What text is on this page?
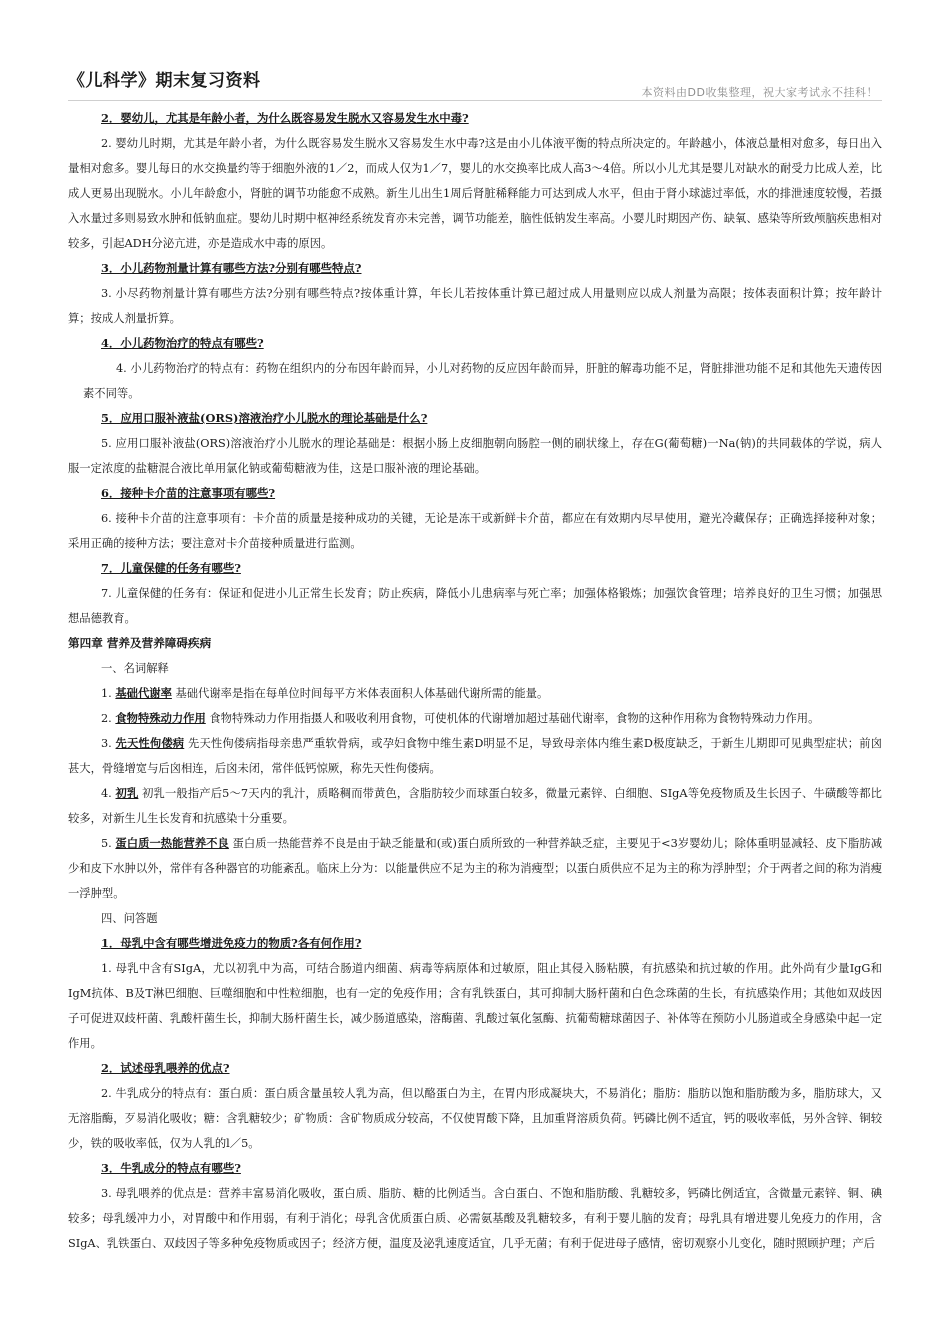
《儿科学》期末复习资料
本资料由DD收集整理，祝大家考试永不挂科！

2．婴幼儿，尤其是年龄小者，为什么既容易发生脱水又容易发生水中毒?

2. 婴幼儿时期，尤其是年龄小者，为什么既容易发生脱水又容易发生水中毒?这是由小儿体液平衡的特点所决定的。年龄越小，体液总量相对愈多，每日出入量相对愈多。婴儿每日的水交换量约等于细胞外液的1／2，而成人仅为1／7，婴儿的水交换率比成人高3～4倍。所以小儿尤其是婴儿对缺水的耐受力比成人差，比成人更易出现脱水。小儿年龄愈小，肾脏的调节功能愈不成熟。新生儿出生1周后肾脏稀释能力可达到成人水平，但由于肾小球滤过率低，水的排泄速度较慢，若摄入水量过多则易致水肿和低钠血症。婴幼儿时期中枢神经系统发育亦未完善，调节功能差，脑性低钠发生率高。小婴儿时期因产伤、缺氧、感染等所致颅脑疾患相对较多，引起ADH分泌亢进，亦是造成水中毒的原因。

3．小儿药物剂量计算有哪些方法?分别有哪些特点?

3. 小尽药物剂量计算有哪些方法?分别有哪些特点?按体重计算，年长儿若按体重计算已超过成人用量则应以成人剂量为高限；按体表面积计算；按年龄计算；按成人剂量折算。

4．小儿药物治疗的特点有哪些?

4. 小儿药物治疗的特点有：药物在组织内的分布因年龄而异，小儿对药物的反应因年龄而异，肝脏的解毒功能不足，肾脏排泄功能不足和其他先天遗传因素不同等。

5．应用口服补液盐(ORS)溶液治疗小儿脱水的理论基础是什么?

5. 应用口服补液盐(ORS)溶液治疗小儿脱水的理论基础是：根据小肠上皮细胞朝向肠腔一侧的刷状缘上，存在G(葡萄糖)一Na(钠)的共同载体的学说，病人服一定浓度的盐糖混合液比单用氯化钠或葡萄糖液为佳，这是口服补液的理论基础。

6．接种卡介苗的注意事项有哪些?

6. 接种卡介苗的注意事项有：卡介苗的质量是接种成功的关键，无论是冻干或新鲜卡介苗，都应在有效期内尽早使用，避光冷藏保存；正确选择接种对象；采用正确的接种方法；要注意对卡介苗接种质量进行监测。

7．儿童保健的任务有哪些?

7. 儿童保健的任务有：保证和促进小儿正常生长发育；防止疾病，降低小儿患病率与死亡率；加强体格锻炼；加强饮食管理；培养良好的卫生习惯；加强思想品德教育。

第四章 营养及营养障碍疾病

一、名词解释

1. 基础代谢率 基础代谢率是指在每单位时间每平方米体表面积人体基础代谢所需的能量。

2. 食物特殊动力作用 食物特殊动力作用指摄人和吸收利用食物，可使机体的代谢增加超过基础代谢率，食物的这种作用称为食物特殊动力作用。

3. 先天性佝偻病 先天性佝偻病指母亲患严重软骨病，或孕妇食物中维生素D明显不足，导致母亲体内维生素D极度缺乏，于新生儿期即可见典型症状；前囟甚大，骨缝增宽与后囟相连，后囟未闭，常伴低钙惊厥，称先天性佝偻病。

4. 初乳 初乳一般指产后5～7天内的乳汁，质略稠而带黄色，含脂肪较少而球蛋白较多，微量元素锌、白细胞、SIgA等免疫物质及生长因子、牛磺酸等都比较多，对新生儿生长发育和抗感染十分重要。

5. 蛋白质一热能营养不良 蛋白质一热能营养不良是由于缺乏能量和(或)蛋白质所致的一种营养缺乏症，主要见于<3岁婴幼儿；除体重明显减轻、皮下脂肪减少和皮下水肿以外，常伴有各种器官的功能紊乱。临床上分为：以能量供应不足为主的称为消瘦型；以蛋白质供应不足为主的称为浮肿型；介于两者之间的称为消瘦一浮肿型。

四、问答题

1．母乳中含有哪些增进免疫力的物质?各有何作用?

1. 母乳中含有SIgA，尤以初乳中为高，可结合肠道内细菌、病毒等病原体和过敏原，阻止其侵入肠粘膜，有抗感染和抗过敏的作用。此外尚有少量IgG和IgM抗体、B及T淋巴细胞、巨噬细胞和中性粒细胞，也有一定的免疫作用；含有乳铁蛋白，其可抑制大肠杆菌和白色念珠菌的生长，有抗感染作用；其他如双歧因子可促进双歧杆菌、乳酸杆菌生长，抑制大肠杆菌生长，减少肠道感染，溶酶菌、乳酸过氧化氢酶、抗葡萄糖球菌因子、补体等在预防小儿肠道或全身感染中起一定作用。

2．试述母乳喂养的优点?

2. 牛乳成分的特点有：蛋白质：蛋白质含量虽较人乳为高，但以酪蛋白为主，在胃内形成凝块大，不易消化；脂肪：脂肪以饱和脂肪酸为多，脂肪球大，又无溶脂酶，歹易消化吸收；糖：含乳糖较少；矿物质：含矿物质成分较高，不仅使胃酸下降，且加重肾溶质负荷。钙磷比例不适宜，钙的吸收率低，另外含锌、铜较少，铁的吸收率低，仅为人乳的l／5。

3．牛乳成分的特点有哪些?

3. 母乳喂养的优点是：营养丰富易消化吸收，蛋白质、脂肪、糖的比例适当。含白蛋白、不饱和脂肪酸、乳糖较多，钙磷比例适宜，含微量元素锌、铜、碘较多；母乳缓冲力小，对胃酸中和作用弱，有利于消化；母乳含优质蛋白质、必需氨基酸及乳糖较多，有利于婴儿脑的发育；母乳具有增进婴儿免疫力的作用，含SIgA、乳铁蛋白、双歧因子等多种免疫物质或因子；经济方便，温度及泌乳速度适宜，几乎无菌；有利于促进母子感情，密切观察小儿变化，随时照顾护理；产后
